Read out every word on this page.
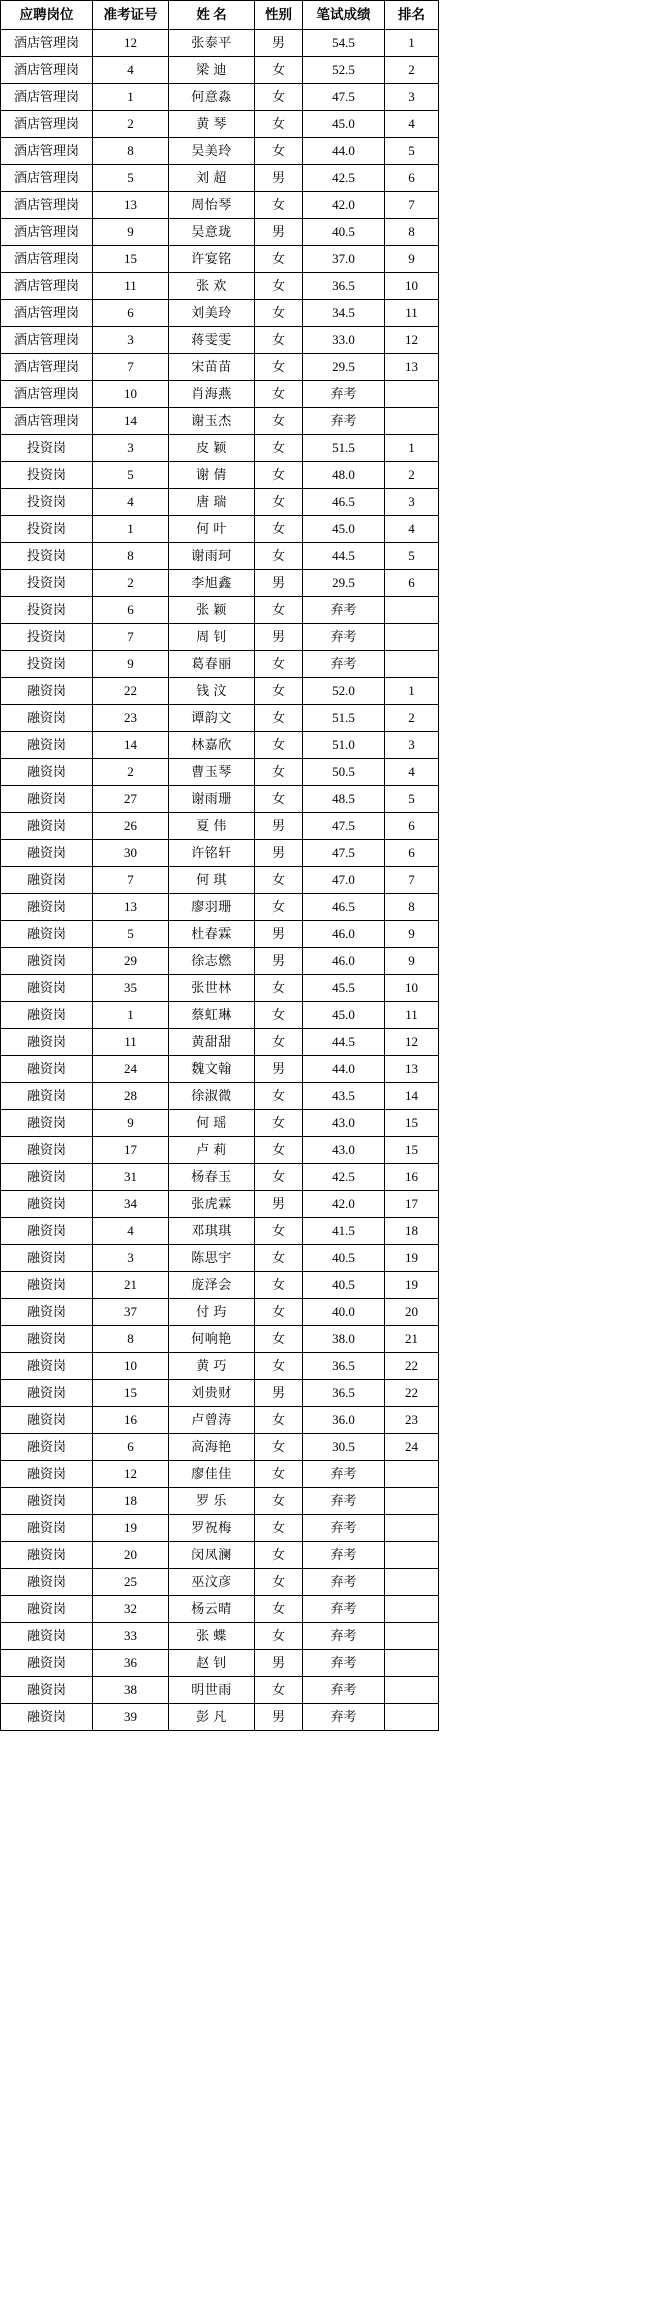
应聘岗位	准考证号	姓 名	性别	笔试成绩	排名
酒店管理岗	12	张泰平	男	54.5	1
酒店管理岗	4	梁 迪	女	52.5	2
酒店管理岗	1	何意淼	女	47.5	3
酒店管理岗	2	黄 琴	女	45.0	4
酒店管理岗	8	吴美玲	女	44.0	5
酒店管理岗	5	刘 超	男	42.5	6
酒店管理岗	13	周怡琴	女	42.0	7
酒店管理岗	9	吴意珑	男	40.5	8
酒店管理岗	15	许宴铭	女	37.0	9
酒店管理岗	11	张 欢	女	36.5	10
酒店管理岗	6	刘美玲	女	34.5	11
酒店管理岗	3	蒋雯雯	女	33.0	12
酒店管理岗	7	宋苗苗	女	29.5	13
酒店管理岗	10	肖海燕	女	弃考	
酒店管理岗	14	谢玉杰	女	弃考	
投资岗	3	皮 颖	女	51.5	1
投资岗	5	谢 倩	女	48.0	2
投资岗	4	唐 瑞	女	46.5	3
投资岗	1	何 叶	女	45.0	4
投资岗	8	谢雨珂	女	44.5	5
投资岗	2	李旭鑫	男	29.5	6
投资岗	6	张 颖	女	弃考	
投资岗	7	周 钊	男	弃考	
投资岗	9	葛春丽	女	弃考	
融资岗	22	钱 汶	女	52.0	1
融资岗	23	谭韵文	女	51.5	2
融资岗	14	林嘉欣	女	51.0	3
融资岗	2	曹玉琴	女	50.5	4
融资岗	27	谢雨珊	女	48.5	5
融资岗	26	夏 伟	男	47.5	6
融资岗	30	许铭轩	男	47.5	6
融资岗	7	何 琪	女	47.0	7
融资岗	13	廖羽珊	女	46.5	8
融资岗	5	杜春霖	男	46.0	9
融资岗	29	徐志燃	男	46.0	9
融资岗	35	张世林	女	45.5	10
融资岗	1	蔡虹琳	女	45.0	11
融资岗	11	黄甜甜	女	44.5	12
融资岗	24	魏文翰	男	44.0	13
融资岗	28	徐淑微	女	43.5	14
融资岗	9	何 瑶	女	43.0	15
融资岗	17	卢 莉	女	43.0	15
融资岗	31	杨春玉	女	42.5	16
融资岗	34	张虎霖	男	42.0	17
融资岗	4	邓琪琪	女	41.5	18
融资岗	3	陈思宇	女	40.5	19
融资岗	21	庞泽会	女	40.5	19
融资岗	37	付 玙	女	40.0	20
融资岗	8	何响艳	女	38.0	21
融资岗	10	黄 巧	女	36.5	22
融资岗	15	刘贵财	男	36.5	22
融资岗	16	卢曾涛	女	36.0	23
融资岗	6	高海艳	女	30.5	24
融资岗	12	廖佳佳	女	弃考	
融资岗	18	罗 乐	女	弃考	
融资岗	19	罗祝梅	女	弃考	
融资岗	20	闵凤澜	女	弃考	
融资岗	25	巫汶彦	女	弃考	
融资岗	32	杨云晴	女	弃考	
融资岗	33	张 蝶	女	弃考	
融资岗	36	赵 钊	男	弃考	
融资岗	38	明世雨	女	弃考	
融资岗	39	彭 凡	男	弃考	
